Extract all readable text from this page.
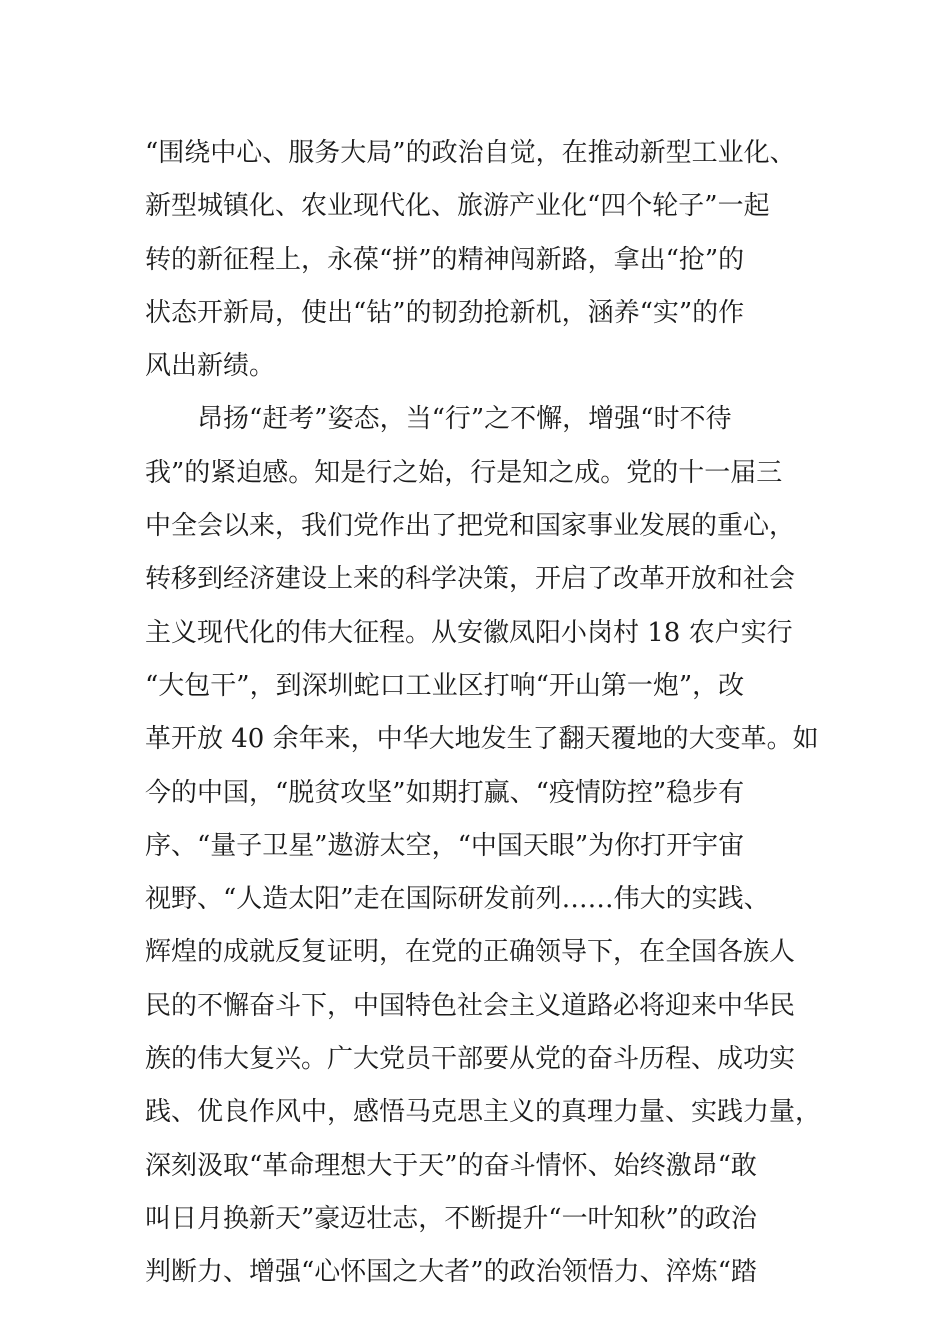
“围绕中心、服务大局”的政治自觉，在推动新型工业化、
新型城镇化、农业现代化、旅游产业化“四个轮子”一起
转的新征程上，永葆“拼”的精神闯新路，拿出“抢”的
状态开新局，使出“钻”的韧劲抢新机，涵养“实”的作
风出新绩。
昂扬“赶考”姿态，当“行”之不懈，增强“时不待
我”的紧迫感。知是行之始，行是知之成。党的十一届三
中全会以来，我们党作出了把党和国家事业发展的重心，
转移到经济建设上来的科学决策，开启了改革开放和社会
主义现代化的伟大征程。从安徽凤阳小岗村 18 农户实行
“大包干”，到深圳蛇口工业区打响“开山第一炮”，改
革开放 40 余年来，中华大地发生了翻天覆地的大变革。如
今的中国，“脱贫攻坚”如期打赢、“疫情防控”稳步有
序、“量子卫星”遨游太空，“中国天眼”为你打开宇宙
视野、“人造太阳”走在国际研发前列……伟大的实践、
辉煌的成就反复证明，在党的正确领导下，在全国各族人
民的不懈奋斗下，中国特色社会主义道路必将迎来中华民
族的伟大复兴。广大党员干部要从党的奋斗历程、成功实
践、优良作风中，感悟马克思主义的真理力量、实践力量，
深刻汲取“革命理想大于天”的奋斗情怀、始终激昂“敢
叫日月换新天”豪迈壮志，不断提升“一叶知秋”的政治
判断力、增强“心怀国之大者”的政治领悟力、淬炼“踏
